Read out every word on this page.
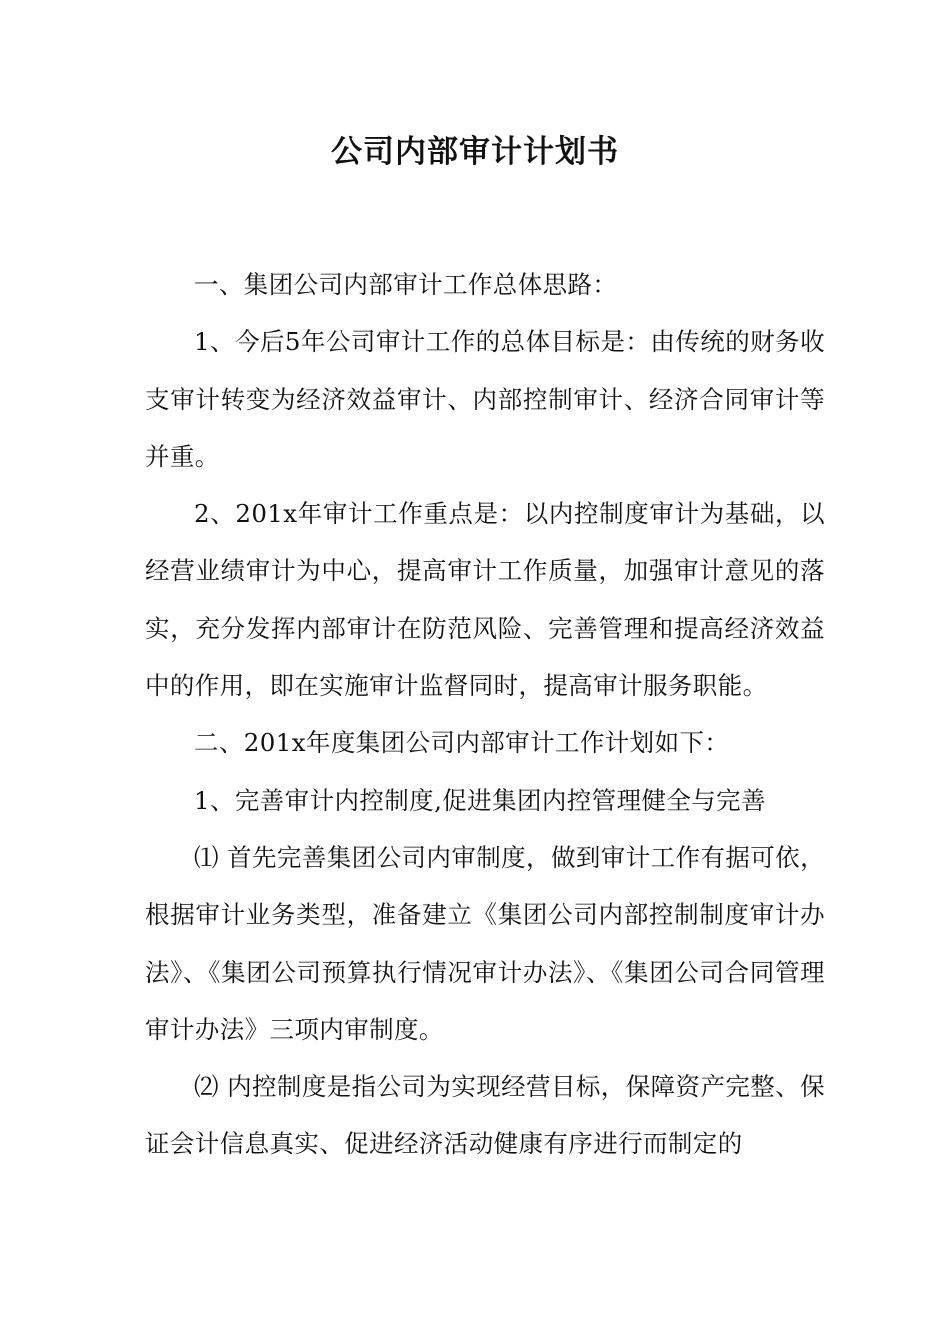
公司内部审计计划书

一、集团公司内部审计工作总体思路：

1、今后5年公司审计工作的总体目标是：由传统的财务收支审计转变为经济效益审计、内部控制审计、经济合同审计等并重。

2、201x年审计工作重点是：以内控制度审计为基础，以经营业绩审计为中心，提高审计工作质量，加强审计意见的落实，充分发挥内部审计在防范风险、完善管理和提高经济效益中的作用，即在实施审计监督同时，提高审计服务职能。

二、201x年度集团公司内部审计工作计划如下：

1、完善审计内控制度,促进集团内控管理健全与完善

⑴ 首先完善集团公司内审制度，做到审计工作有据可依，根据审计业务类型，准备建立《集团公司内部控制制度审计办法》、《集团公司预算执行情况审计办法》、《集团公司合同管理审计办法》三项内审制度。

⑵ 内控制度是指公司为实现经营目标，保障资产完整、保证会计信息真实、促进经济活动健康有序进行而制定的
